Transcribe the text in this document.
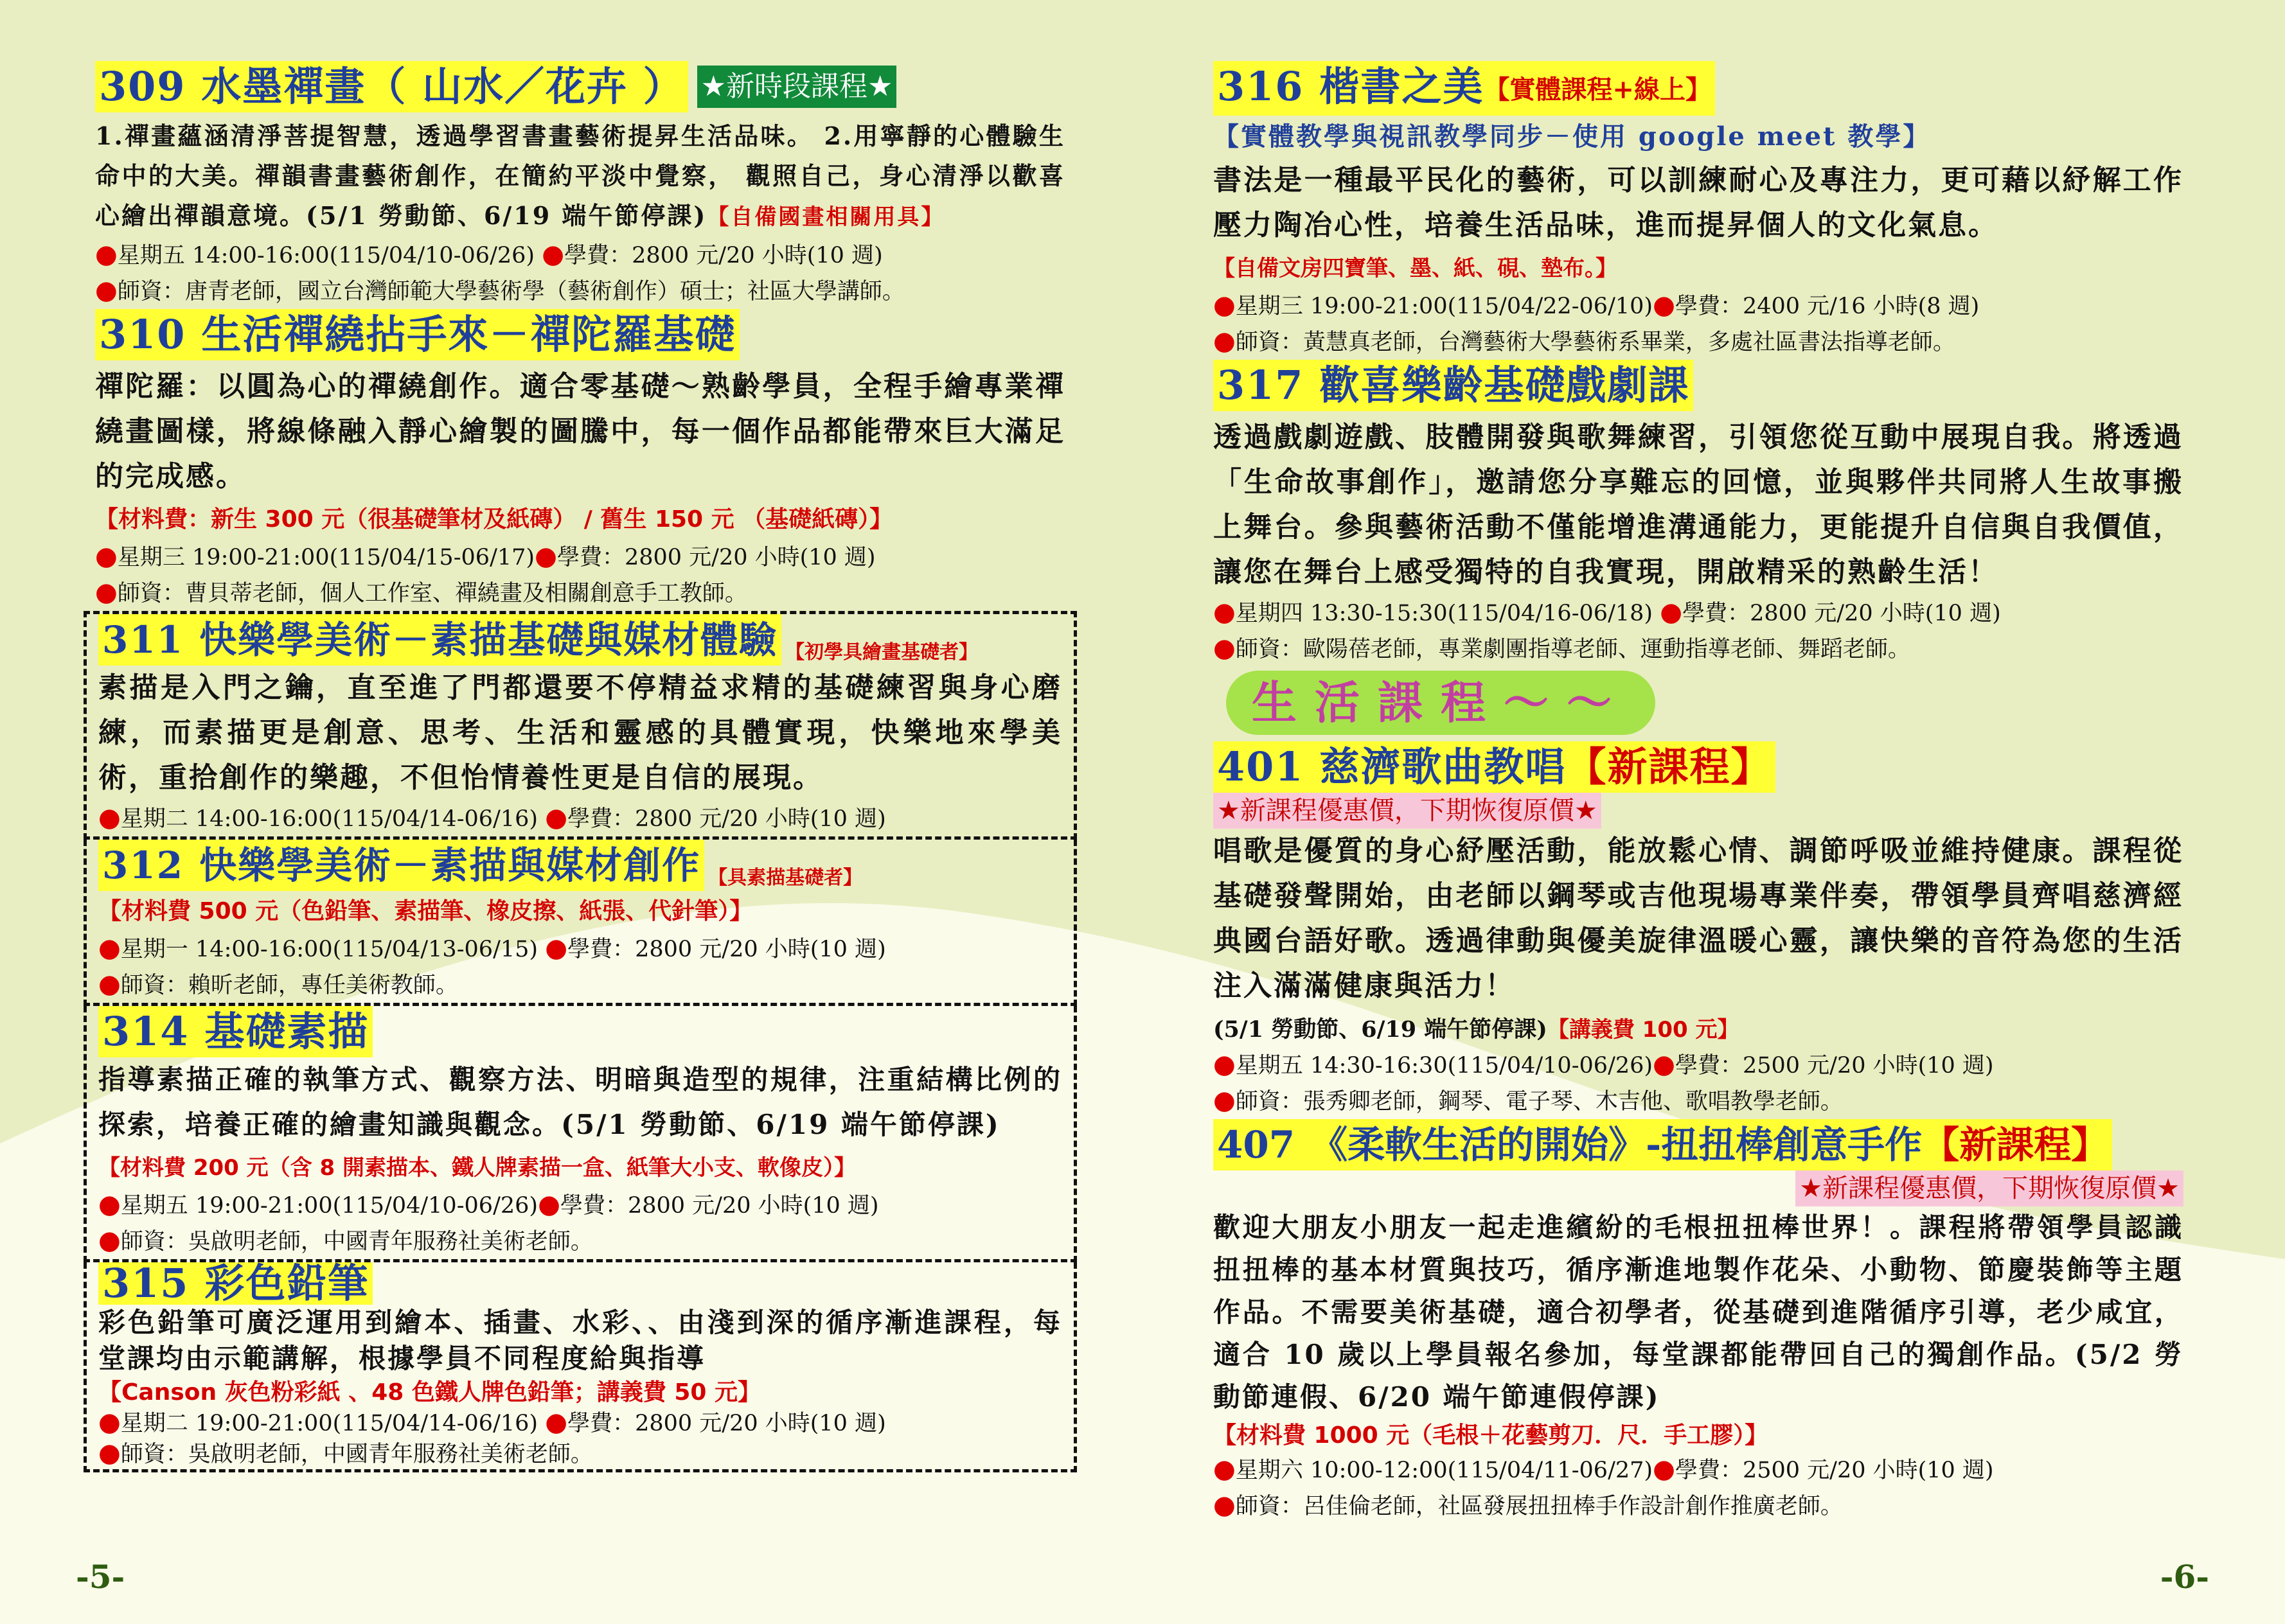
309 水墨禪畫（ 山水／花卉 ） ★新時段課程★

1.禪畫蘊涵清淨菩提智慧，透過學習書畫藝術提昇生活品味。 2.用寧靜的心體驗生命中的大美。禪韻書畫藝術創作，在簡約平淡中覺察， 觀照自己，身心清淨以歡喜心繪出禪韻意境。(5/1 勞動節、6/19 端午節停課)【自備國畫相關用具】

●星期五 14:00-16:00(115/04/10-06/26) ●學費：2800 元/20 小時(10 週)

●師資：唐青老師，國立台灣師範大學藝術學（藝術創作）碩士；社區大學講師。

310 生活禪繞拈手來－禪陀羅基礎

禪陀羅：以圓為心的禪繞創作。適合零基礎～熟齡學員，全程手繪專業禪繞畫圖樣，將線條融入靜心繪製的圖騰中，每一個作品都能帶來巨大滿足的完成感。

【材料費：新生 300 元（很基礎筆材及紙磚） / 舊生 150 元 （基礎紙磚）】

●星期三 19:00-21:00(115/04/15-06/17)●學費：2800 元/20 小時(10 週)

●師資：曹貝蒂老師，個人工作室、禪繞畫及相關創意手工教師。

311 快樂學美術－素描基礎與媒材體驗 【初學具繪畫基礎者】

素描是入門之鑰，直至進了門都還要不停精益求精的基礎練習與身心磨練，而素描更是創意、思考、生活和靈感的具體實現，快樂地來學美術，重拾創作的樂趣，不但怡情養性更是自信的展現。

●星期二 14:00-16:00(115/04/14-06/16) ●學費：2800 元/20 小時(10 週)

312 快樂學美術－素描與媒材創作 【具素描基礎者】

【材料費 500 元（色鉛筆、素描筆、橡皮擦、紙張、代針筆）】

●星期一 14:00-16:00(115/04/13-06/15) ●學費：2800 元/20 小時(10 週)

●師資：賴昕老師，專任美術教師。

314 基礎素描

指導素描正確的執筆方式、觀察方法、明暗與造型的規律，注重結構比例的探索，培養正確的繪畫知識與觀念。(5/1 勞動節、6/19 端午節停課)

【材料費 200 元（含 8 開素描本、鐵人牌素描一盒、紙筆大小支、軟像皮）】

●星期五 19:00-21:00(115/04/10-06/26)●學費：2800 元/20 小時(10 週)

●師資：吳啟明老師，中國青年服務社美術老師。

315 彩色鉛筆

彩色鉛筆可廣泛運用到繪本、插畫、水彩、、由淺到深的循序漸進課程，每堂課均由示範講解，根據學員不同程度給與指導

【Canson 灰色粉彩紙 、48 色鐵人牌色鉛筆；講義費 50 元】

●星期二 19:00-21:00(115/04/14-06/16) ●學費：2800 元/20 小時(10 週)

●師資：吳啟明老師，中國青年服務社美術老師。

316 楷書之美【實體課程+線上】

【實體教學與視訊教學同步－使用 google meet 教學】

書法是一種最平民化的藝術，可以訓練耐心及專注力，更可藉以紓解工作壓力陶冶心性，培養生活品味，進而提昇個人的文化氣息。

【自備文房四寶筆、墨、紙、硯、墊布。】

●星期三 19:00-21:00(115/04/22-06/10)●學費：2400 元/16 小時(8 週)

●師資：黃慧真老師，台灣藝術大學藝術系畢業，多處社區書法指導老師。

317 歡喜樂齡基礎戲劇課

透過戲劇遊戲、肢體開發與歌舞練習，引領您從互動中展現自我。將透過「生命故事創作」，邀請您分享難忘的回憶，並與夥伴共同將人生故事搬上舞台。參與藝術活動不僅能增進溝通能力，更能提升自信與自我價值，讓您在舞台上感受獨特的自我實現，開啟精采的熟齡生活！

●星期四 13:30-15:30(115/04/16-06/18) ●學費：2800 元/20 小時(10 週)

●師資：歐陽蓓老師，專業劇團指導老師、運動指導老師、舞蹈老師。

生活課程～～
401 慈濟歌曲教唱【新課程】
★新課程優惠價，下期恢復原價★

唱歌是優質的身心紓壓活動，能放鬆心情、調節呼吸並維持健康。課程從基礎發聲開始，由老師以鋼琴或吉他現場專業伴奏，帶領學員齊唱慈濟經典國台語好歌。透過律動與優美旋律溫暖心靈，讓快樂的音符為您的生活注入滿滿健康與活力！

(5/1 勞動節、6/19 端午節停課)【講義費 100 元】

●星期五 14:30-16:30(115/04/10-06/26)●學費：2500 元/20 小時(10 週)

●師資：張秀卿老師，鋼琴、電子琴、木吉他、歌唱教學老師。

407 《柔軟生活的開始》-扭扭棒創意手作【新課程】
★新課程優惠價，下期恢復原價★

歡迎大朋友小朋友一起走進繽紛的毛根扭扭棒世界！。課程將帶領學員認識扭扭棒的基本材質與技巧，循序漸進地製作花朵、小動物、節慶裝飾等主題作品。不需要美術基礎，適合初學者，從基礎到進階循序引導，老少咸宜，適合 10 歲以上學員報名參加，每堂課都能帶回自己的獨創作品。(5/2 勞動節連假、6/20 端午節連假停課)

【材料費 1000 元（毛根＋花藝剪刀．尺．手工膠）】

●星期六 10:00-12:00(115/04/11-06/27)●學費：2500 元/20 小時(10 週)

●師資：呂佳倫老師，社區發展扭扭棒手作設計創作推廣老師。

-5-	-6-
